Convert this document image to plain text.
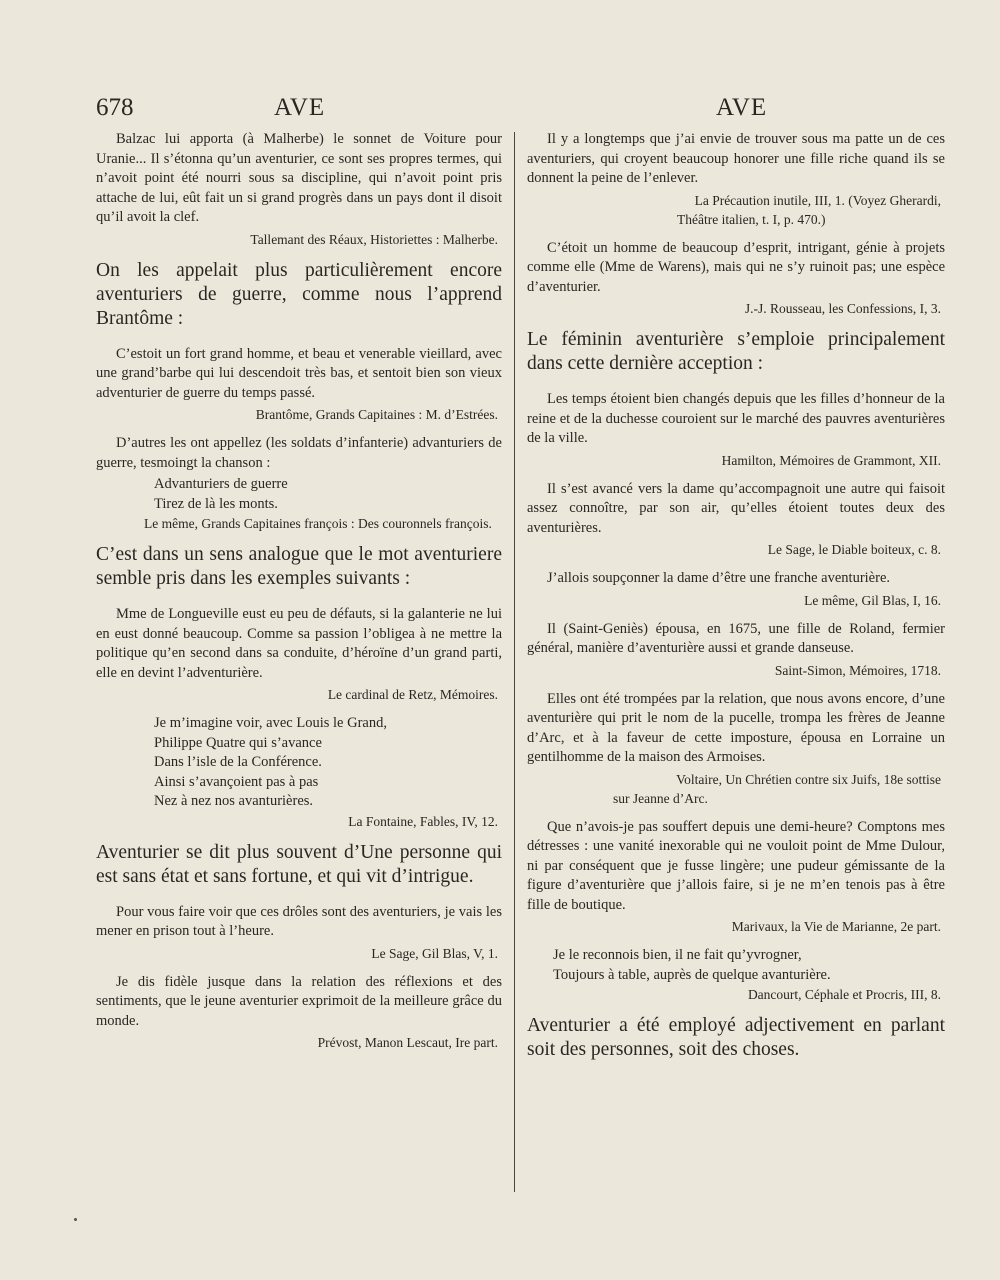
678	AVE	AVE

Balzac lui apporta (à Malherbe) le sonnet de Voiture pour Uranie... Il s’étonna qu’un aventurier, ce sont ses propres termes, qui n’avoit point été nourri sous sa discipline, qui n’avoit point pris attache de lui, eût fait un si grand progrès dans un pays dont il disoit qu’il avoit la clef.

Tallemant des Réaux, Historiettes : Malherbe.

On les appelait plus particulièrement encore aventuriers de guerre, comme nous l’apprend Brantôme :

C’estoit un fort grand homme, et beau et venerable vieillard, avec une grand’barbe qui lui descendoit très bas, et sentoit bien son vieux adventurier de guerre du temps passé.

Brantôme, Grands Capitaines : M. d’Estrées.

D’autres les ont appellez (les soldats d’infanterie) advanturiers de guerre, tesmoingt la chanson :

Advanturiers de guerre

Tirez de là les monts.

Le même, Grands Capitaines françois : Des couronnels françois.

C’est dans un sens analogue que le mot aventuriere semble pris dans les exemples suivants :

Mme de Longueville eust eu peu de défauts, si la galanterie ne lui en eust donné beaucoup. Comme sa passion l’obligea à ne mettre la politique qu’en second dans sa conduite, d’héroïne d’un grand parti, elle en devint l’adventurière.

Le cardinal de Retz, Mémoires.

Je m’imagine voir, avec Louis le Grand,

Philippe Quatre qui s’avance

Dans l’isle de la Conférence.

Ainsi s’avançoient pas à pas

Nez à nez nos avanturières.

La Fontaine, Fables, IV, 12.

Aventurier se dit plus souvent d’Une personne qui est sans état et sans fortune, et qui vit d’intrigue.

Pour vous faire voir que ces drôles sont des aventuriers, je vais les mener en prison tout à l’heure.

Le Sage, Gil Blas, V, 1.

Je dis fidèle jusque dans la relation des réflexions et des sentiments, que le jeune aventurier exprimoit de la meilleure grâce du monde.

Prévost, Manon Lescaut, Ire part.

Il y a longtemps que j’ai envie de trouver sous ma patte un de ces aventuriers, qui croyent beaucoup honorer une fille riche quand ils se donnent la peine de l’enlever.

La Précaution inutile, III, 1. (Voyez Gherardi,
Théâtre italien, t. I, p. 470.)

C’étoit un homme de beaucoup d’esprit, intrigant, génie à projets comme elle (Mme de Warens), mais qui ne s’y ruinoit pas; une espèce d’aventurier.

J.-J. Rousseau, les Confessions, I, 3.

Le féminin aventurière s’emploie principalement dans cette dernière acception :

Les temps étoient bien changés depuis que les filles d’honneur de la reine et de la duchesse couroient sur le marché des pauvres aventurières de la ville.

Hamilton, Mémoires de Grammont, XII.

Il s’est avancé vers la dame qu’accompagnoit une autre qui faisoit assez connoître, par son air, qu’elles étoient toutes deux des aventurières.

Le Sage, le Diable boiteux, c. 8.

J’allois soupçonner la dame d’être une franche aventurière.

Le même, Gil Blas, I, 16.

Il (Saint-Geniès) épousa, en 1675, une fille de Roland, fermier général, manière d’aventurière aussi et grande danseuse.

Saint-Simon, Mémoires, 1718.

Elles ont été trompées par la relation, que nous avons encore, d’une aventurière qui prit le nom de la pucelle, trompa les frères de Jeanne d’Arc, et à la faveur de cette imposture, épousa en Lorraine un gentilhomme de la maison des Armoises.

Voltaire, Un Chrétien contre six Juifs, 18e sottise
sur Jeanne d’Arc.

Que n’avois-je pas souffert depuis une demi-heure? Comptons mes détresses : une vanité inexorable qui ne vouloit point de Mme Dulour, ni par conséquent que je fusse lingère; une pudeur gémissante de la figure d’aventurière que j’allois faire, si je ne m’en tenois pas à être fille de boutique.

Marivaux, la Vie de Marianne, 2e part.

Je le reconnois bien, il ne fait qu’yvrogner,

Toujours à table, auprès de quelque avanturière.

Dancourt, Céphale et Procris, III, 8.

Aventurier a été employé adjectivement en parlant soit des personnes, soit des choses.
